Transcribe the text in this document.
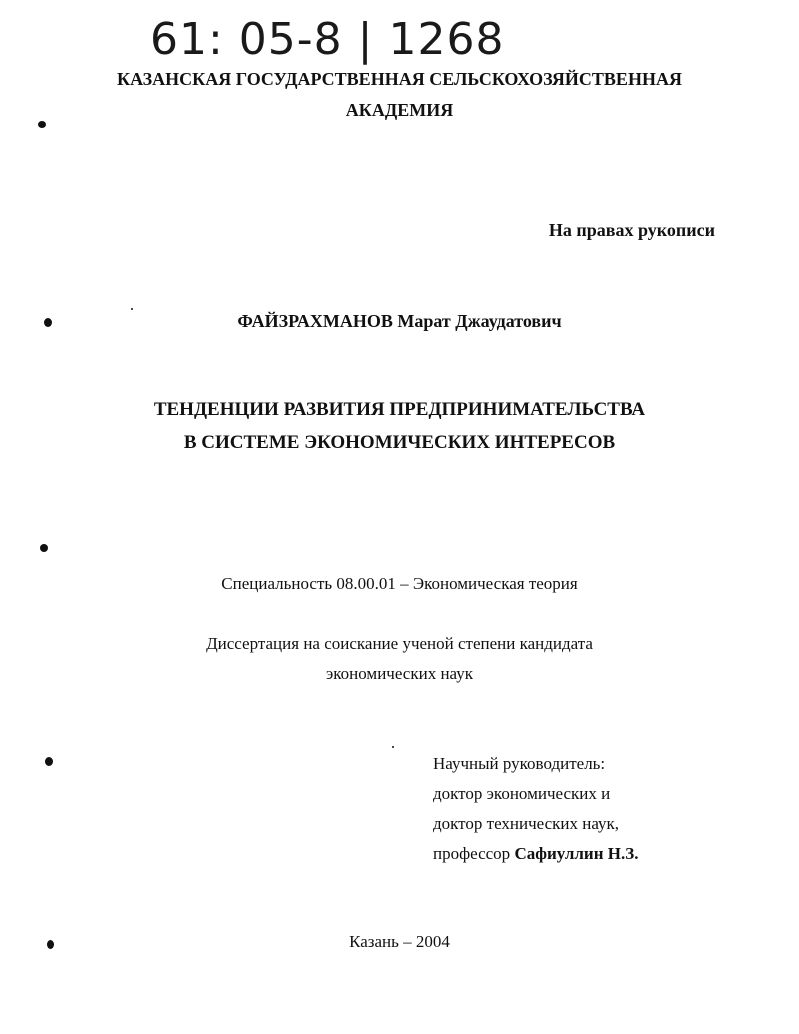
61: 05-8 | 1268
КАЗАНСКАЯ ГОСУДАРСТВЕННАЯ СЕЛЬСКОХОЗЯЙСТВЕННАЯ
АКАДЕМИЯ
На правах рукописи
ФАЙЗРАХМАНОВ Марат Джаудатович
ТЕНДЕНЦИИ РАЗВИТИЯ ПРЕДПРИНИМАТЕЛЬСТВА
В СИСТЕМЕ ЭКОНОМИЧЕСКИХ ИНТЕРЕСОВ
Специальность 08.00.01 – Экономическая теория
Диссертация на соискание ученой степени кандидата
экономических наук
Научный руководитель:
доктор экономических и
доктор технических наук,
профессор Сафиуллин Н.З.
Казань – 2004
